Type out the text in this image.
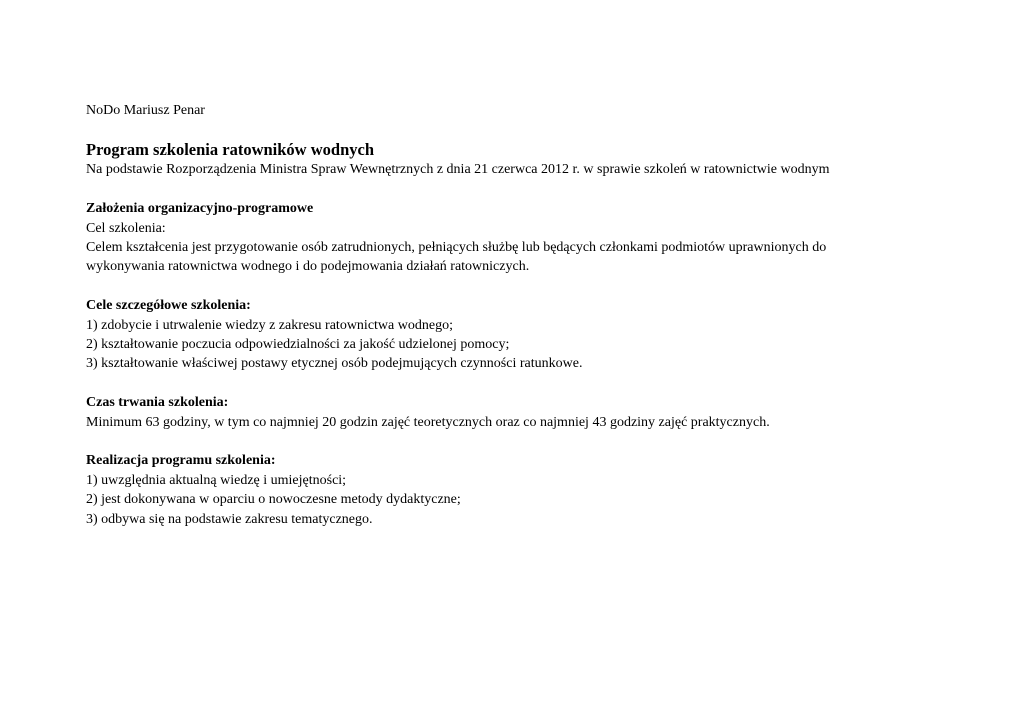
NoDo Mariusz Penar
Program szkolenia ratowników wodnych
Na podstawie Rozporządzenia Ministra Spraw Wewnętrznych z dnia 21 czerwca 2012 r. w sprawie szkoleń w ratownictwie wodnym
Założenia organizacyjno-programowe
Cel szkolenia:
Celem kształcenia jest przygotowanie osób zatrudnionych, pełniących służbę lub będących członkami podmiotów uprawnionych do
wykonywania ratownictwa wodnego i do podejmowania działań ratowniczych.
Cele szczegółowe szkolenia:
1) zdobycie i utrwalenie wiedzy z zakresu ratownictwa wodnego;
2) kształtowanie poczucia odpowiedzialności za jakość udzielonej pomocy;
3) kształtowanie właściwej postawy etycznej osób podejmujących czynności ratunkowe.
Czas trwania szkolenia:
Minimum 63 godziny, w tym co najmniej 20 godzin zajęć teoretycznych oraz co najmniej 43 godziny zajęć praktycznych.
Realizacja programu szkolenia:
1) uwzględnia aktualną wiedzę i umiejętności;
2) jest dokonywana w oparciu o nowoczesne metody dydaktyczne;
3) odbywa się na podstawie zakresu tematycznego.
